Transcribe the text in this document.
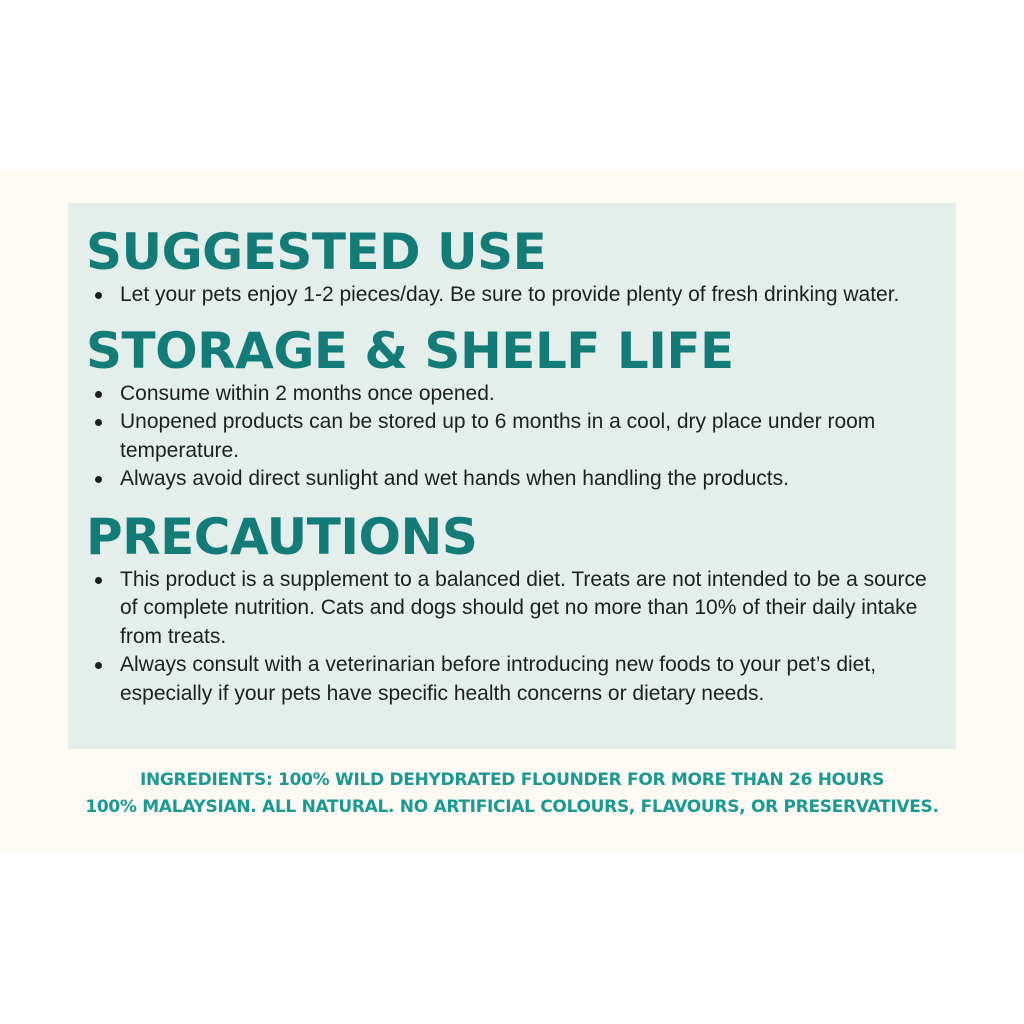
SUGGESTED USE
Let your pets enjoy 1-2 pieces/day. Be sure to provide plenty of fresh drinking water.
STORAGE & SHELF LIFE
Consume within 2 months once opened.
Unopened products can be stored up to 6 months in a cool, dry place under room temperature.
Always avoid direct sunlight and wet hands when handling the products.
PRECAUTIONS
This product is a supplement to a balanced diet. Treats are not intended to be a source of complete nutrition. Cats and dogs should get no more than 10% of their daily intake from treats.
Always consult with a veterinarian before introducing new foods to your pet’s diet, especially if your pets have specific health concerns or dietary needs.
INGREDIENTS: 100% WILD DEHYDRATED FLOUNDER FOR MORE THAN 26 HOURS
100% MALAYSIAN. ALL NATURAL. NO ARTIFICIAL COLOURS, FLAVOURS, OR PRESERVATIVES.
